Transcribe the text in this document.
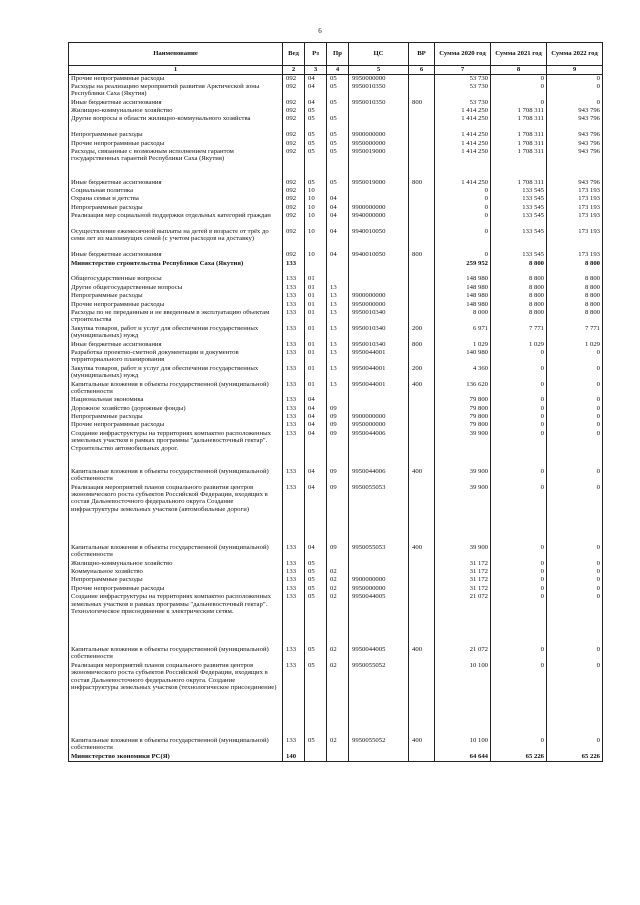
6
Наименование	Вед	Рз	Пр	ЦС	ВР	Сумма 2020 год	Сумма 2021 год	Сумма 2022 год
1	2	3	4	5	6	7	8	9
Прочие непрограммные расходы	092	04	05	9950000000		53 730	0	0
Расходы на реализацию мероприятий развития Арктической зоны Республики Саха (Якутия)	092	04	05	9950010350		53 730	0	0
Иные бюджетные ассигнования	092	04	05	9950010350	800	53 730	0	0
Жилищно-коммунальное хозяйство	092	05				1 414 250	1 708 311	943 796
Другие вопросы в области жилищно-коммунального хозяйства	092	05	05			1 414 250	1 708 311	943 796
Непрограммные расходы	092	05	05	9900000000		1 414 250	1 708 311	943 796
Прочие непрограммные расходы	092	05	05	9950000000		1 414 250	1 708 311	943 796
Расходы, связанные с возможным исполнением гарантом государственных гарантий Республики Саха (Якутия)	092	05	05	9950019000		1 414 250	1 708 311	943 796
Иные бюджетные ассигнования	092	05	05	9950019000	800	1 414 250	1 708 311	943 796
Социальная политика	092	10				0	133 545	173 193
Охрана семьи и детства	092	10	04			0	133 545	173 193
Непрограммные расходы	092	10	04	9900000000		0	133 545	173 193
Реализация мер социальной поддержки отдельных категорий граждан	092	10	04	9940000000		0	133 545	173 193
Осуществление ежемесячной выплаты на детей в возрасте от трёх до семи лет из малоимущих семей (с учетом расходов на доставку)	092	10	04	9940010050		0	133 545	173 193
Иные бюджетные ассигнования	092	10	04	9940010050	800	0	133 545	173 193
Министерство строительства Республики Саха (Якутия)	133					259 952	8 800	8 800
Общегосударственные вопросы	133	01				148 980	8 800	8 800
Другие общегосударственные вопросы	133	01	13			148 980	8 800	8 800
Непрограммные расходы	133	01	13	9900000000		148 980	8 800	8 800
Прочие непрограммные расходы	133	01	13	9950000000		148 980	8 800	8 800
Расходы по не переданным и не введенным в эксплуатацию объектам строительства	133	01	13	9950010340		8 000	8 800	8 800
Закупка товаров, работ и услуг для обеспечения государственных (муниципальных) нужд	133	01	13	9950010340	200	6 971	7 771	7 771
Иные бюджетные ассигнования	133	01	13	9950010340	800	1 029	1 029	1 029
Разработка проектно-сметной документации и документов территориального планирования	133	01	13	9950044001		140 980	0	0
Закупка товаров, работ и услуг для обеспечения государственных (муниципальных) нужд	133	01	13	9950044001	200	4 360	0	0
Капитальные вложения в объекты государственной (муниципальной) собственности	133	01	13	9950044001	400	136 620	0	0
Национальная экономика	133	04				79 800	0	0
Дорожное хозяйство (дорожные фонды)	133	04	09			79 800	0	0
Непрограммные расходы	133	04	09	9900000000		79 800	0	0
Прочие непрограммные расходы	133	04	09	9950000000		79 800	0	0
Создание инфраструктуры на территориях компактно расположенных земельных участков в рамках программы "дальневосточный гектар". Строительство автомобильных дорог.	133	04	09	9950044006		39 900	0	0
Капитальные вложения в объекты государственной (муниципальной) собственности	133	04	09	9950044006	400	39 900	0	0
Реализация мероприятий планов социального развития центров экономического роста субъектов Российской Федерации, входящих в состав Дальневосточного федерального округа Создание инфраструктуры земельных участков (автомобильные дороги)	133	04	09	9950055053		39 900	0	0
Капитальные вложения в объекты государственной (муниципальной) собственности	133	04	09	9950055053	400	39 900	0	0
Жилищно-коммунальное хозяйство	133	05				31 172	0	0
Коммунальное хозяйство	133	05	02			31 172	0	0
Непрограммные расходы	133	05	02	9900000000		31 172	0	0
Прочие непрограммные расходы	133	05	02	9950000000		31 172	0	0
Создание инфраструктуры на территориях компактно расположенных земельных участков в рамках программы "дальневосточный гектар". Технологическое присоединение к электрическим сетям.	133	05	02	9950044005		21 072	0	0
Капитальные вложения в объекты государственной (муниципальной) собственности	133	05	02	9950044005	400	21 072	0	0
Реализация мероприятий планов социального развития центров экономического роста субъектов Российской Федерации, входящих в состав Дальневосточного федерального округа. Создание инфраструктуры земельных участков (технологическое присоединение)	133	05	02	9950055052		10 100	0	0
Капитальные вложения в объекты государственной (муниципальной) собственности	133	05	02	9950055052	400	10 100	0	0
Министерство экономики РС(Я)	140					64 644	65 226	65 226
